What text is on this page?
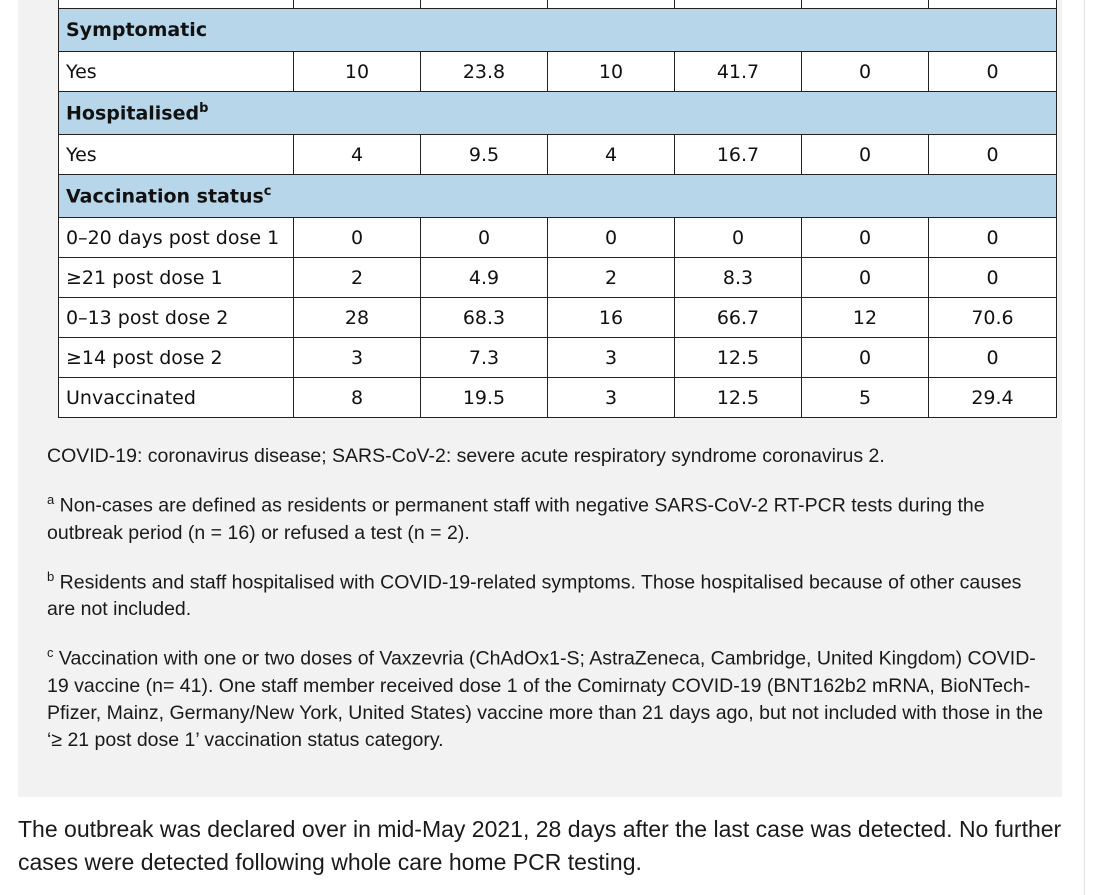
Symptomatic						
Yes	10	23.8	10	41.7	0	0
Hospitalised$^b$
Yes	4	9.5	4	16.7	0	0
Vaccination status$^c$
0–20 days post dose 1	0	0	0	0	0	0
≥21 post dose 1	2	4.9	2	8.3	0	0
0–13 post dose 2	28	68.3	16	66.7	12	70.6
≥14 post dose 2	3	7.3	3	12.5	0	0
Unvaccinated	8	19.5	3	12.5	5	29.4

COVID-19: coronavirus disease; SARS-CoV-2: severe acute respiratory syndrome coronavirus 2.

$^a$ Non-cases are defined as residents or permanent staff with negative SARS-CoV-2 RT-PCR tests during the outbreak period (n = 16) or refused a test (n = 2).

$^b$ Residents and staff hospitalised with COVID-19-related symptoms. Those hospitalised because of other causes are not included.

$^c$ Vaccination with one or two doses of Vaxzevria (ChAdOx1-S; AstraZeneca, Cambridge, United Kingdom) COVID-19 vaccine (n= 41). One staff member received dose 1 of the Comirnaty COVID-19 (BNT162b2 mRNA, BioNTech-Pfizer, Mainz, Germany/New York, United States) vaccine more than 21 days ago, but not included with those in the ‘≥ 21 post dose 1’ vaccination status category.

The outbreak was declared over in mid-May 2021, 28 days after the last case was detected. No further cases were detected following whole care home PCR testing.
